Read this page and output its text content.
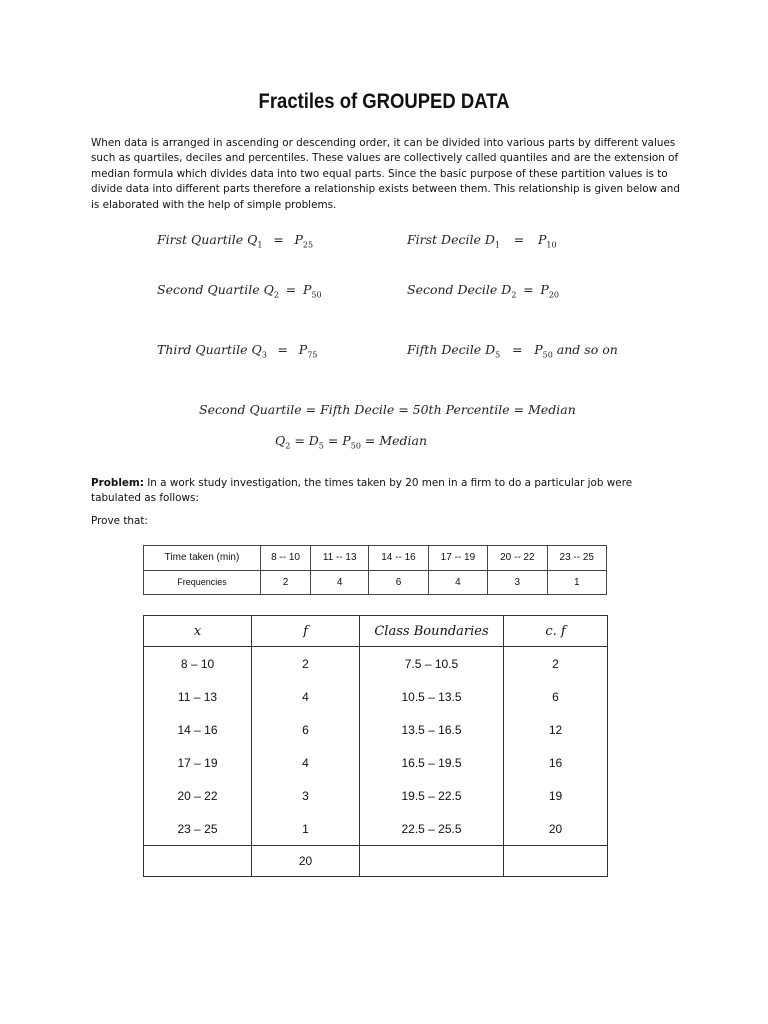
Fractiles of GROUPED DATA

When data is arranged in ascending or descending order, it can be divided into various parts by different values such as quartiles, deciles and percentiles. These values are collectively called quantiles and are the extension of median formula which divides data into two equal parts. Since the basic purpose of these partition values is to divide data into different parts therefore a relationship exists between them. This relationship is given below and is elaborated with the help of simple problems.

First Quartile $Q_1 = P_{25}$
Second Quartile $Q_2 = P_{50}$
Third Quartile $Q_3 = P_{75}$
First Decile $D_1 = P_{10}$
Second Decile $D_2 = P_{20}$
Fifth Decile $D_5 = P_{50}$ and so on
Second Quartile = Fifth Decile = 50th Percentile = Median
$Q_2 = D_5 = P_{50}$ = Median

Problem: In a work study investigation, the times taken by 20 men in a firm to do a particular job were tabulated as follows:

Prove that:

Time taken (min)	8 -- 10	11 -- 13	14 -- 16	17 -- 19	20 -- 22	23 -- 25
Frequencies	2	4	6	4	3	1
x	f	Class Boundaries	c. f
8 – 10	2	7.5 – 10.5	2
11 – 13	4	10.5 – 13.5	6
14 – 16	6	13.5 – 16.5	12
17 – 19	4	16.5 – 19.5	16
20 – 22	3	19.5 – 22.5	19
23 – 25	1	22.5 – 25.5	20
	20		
